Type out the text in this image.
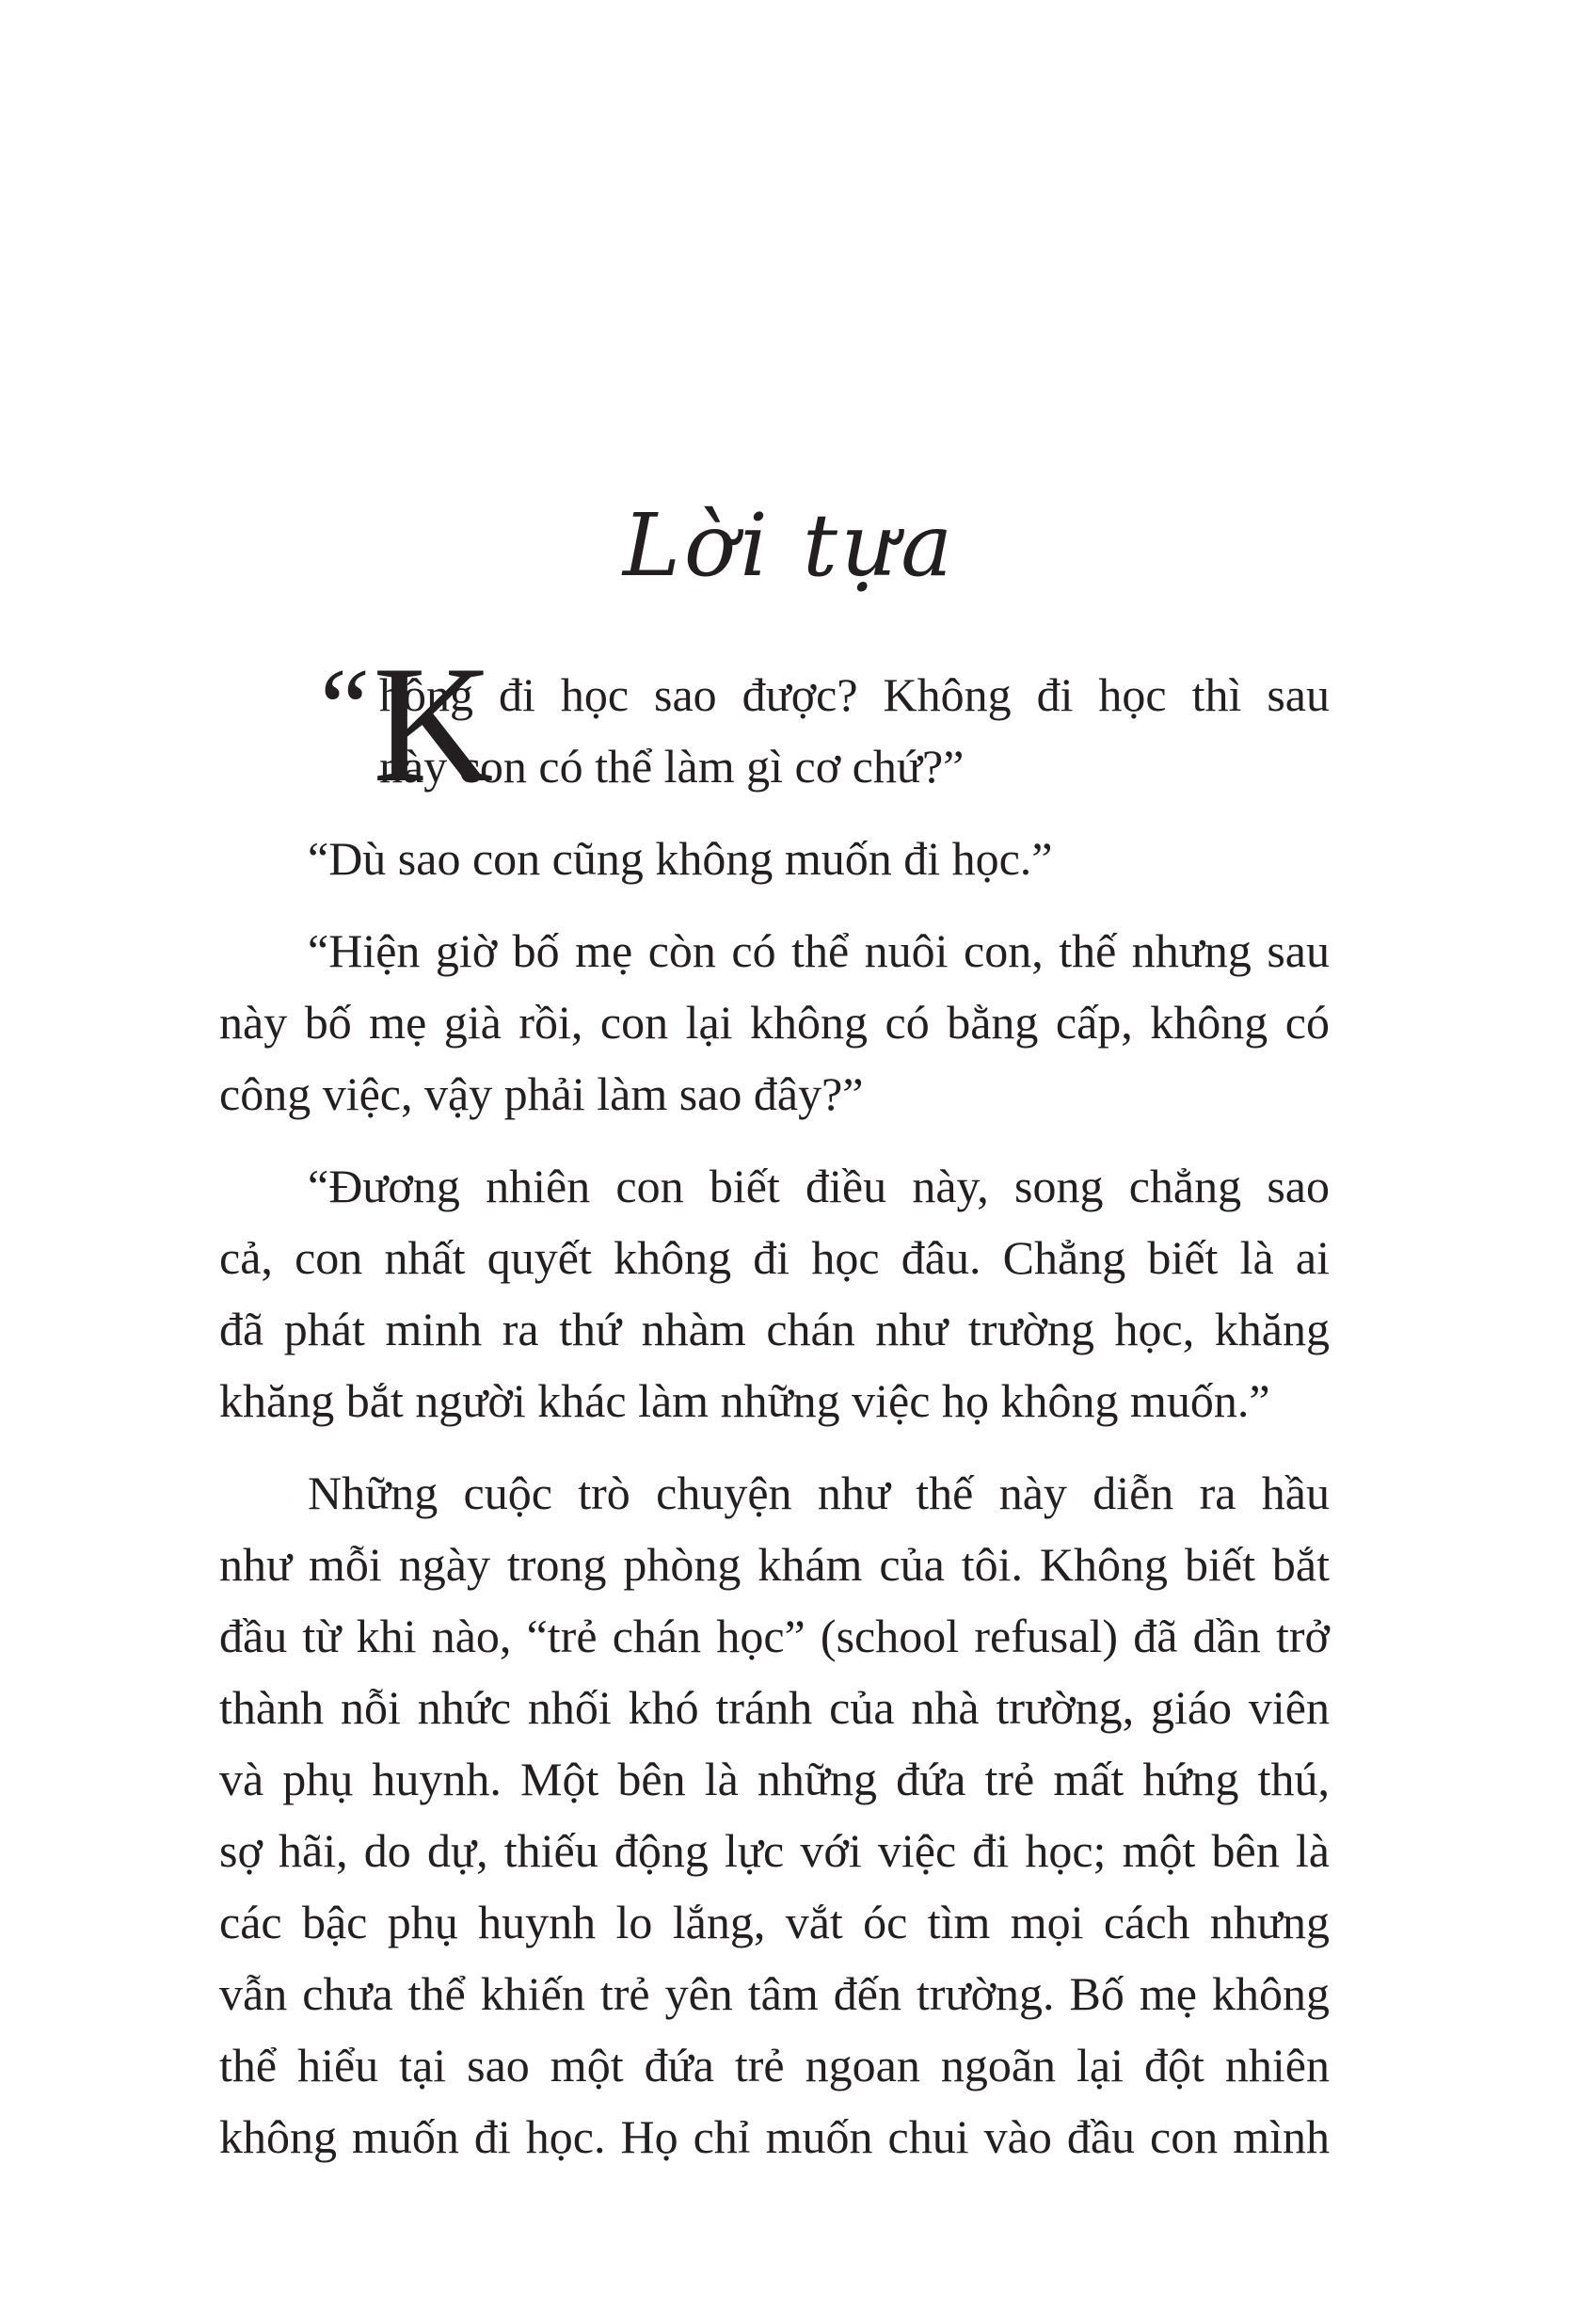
Lời tựa
“ K
hông đi học sao được? Không đi học thì sau
này con có thể làm gì cơ chứ?”

“Dù sao con cũng không muốn đi học.”

“Hiện giờ bố mẹ còn có thể nuôi con, thế nhưng sau
này bố mẹ già rồi, con lại không có bằng cấp, không có
công việc, vậy phải làm sao đây?”

“Đương nhiên con biết điều này, song chẳng sao
cả, con nhất quyết không đi học đâu. Chẳng biết là ai
đã phát minh ra thứ nhàm chán như trường học, khăng
khăng bắt người khác làm những việc họ không muốn.”

Những cuộc trò chuyện như thế này diễn ra hầu
như mỗi ngày trong phòng khám của tôi. Không biết bắt
đầu từ khi nào, “trẻ chán học” (school refusal) đã dần trở
thành nỗi nhức nhối khó tránh của nhà trường, giáo viên
và phụ huynh. Một bên là những đứa trẻ mất hứng thú,
sợ hãi, do dự, thiếu động lực với việc đi học; một bên là
các bậc phụ huynh lo lắng, vắt óc tìm mọi cách nhưng
vẫn chưa thể khiến trẻ yên tâm đến trường. Bố mẹ không
thể hiểu tại sao một đứa trẻ ngoan ngoãn lại đột nhiên
không muốn đi học. Họ chỉ muốn chui vào đầu con mình
